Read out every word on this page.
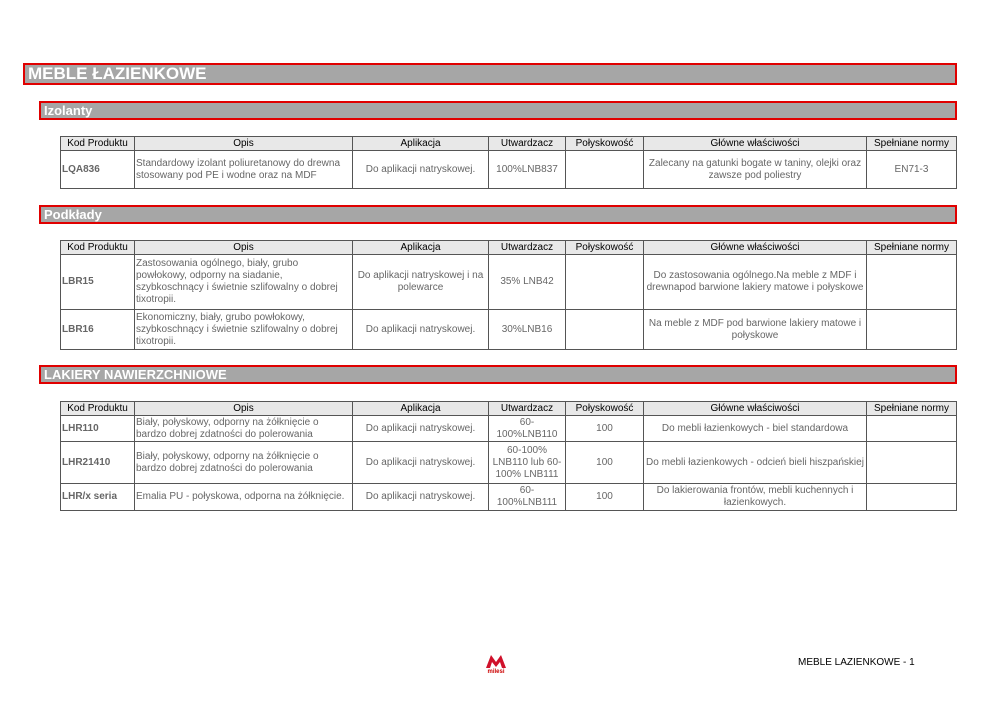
MEBLE ŁAZIENKOWE
Izolanty
Kod Produktu	Opis	Aplikacja	Utwardzacz	Połyskowość	Główne właściwości	Spełniane normy
LQA836	Standardowy izolant poliuretanowy do drewna stosowany pod PE i wodne oraz na MDF	Do aplikacji natryskowej.	100%LNB837		Zalecany na gatunki bogate w taniny, olejki oraz zawsze pod poliestry	EN71-3
Podkłady
Kod Produktu	Opis	Aplikacja	Utwardzacz	Połyskowość	Główne właściwości	Spełniane normy
LBR15	Zastosowania ogólnego, biały, grubo powłokowy, odporny na siadanie, szybkoschnący i świetnie szlifowalny o dobrej tixotropii.	Do aplikacji natryskowej i na polewarce	35% LNB42		Do zastosowania ogólnego.Na meble z MDF i drewnapod barwione lakiery matowe i połyskowe	
LBR16	Ekonomiczny, biały, grubo powłokowy, szybkoschnący i świetnie szlifowalny o dobrej tixotropii.	Do aplikacji natryskowej.	30%LNB16		Na meble z MDF pod barwione lakiery matowe i połyskowe	
LAKIERY NAWIERZCHNIOWE
Kod Produktu	Opis	Aplikacja	Utwardzacz	Połyskowość	Główne właściwości	Spełniane normy
LHR110	Biały, połyskowy, odporny na żółknięcie o bardzo dobrej zdatności do polerowania	Do aplikacji natryskowej.	60-100%LNB110	100	Do mebli łazienkowych - biel standardowa	
LHR21410	Biały, połyskowy, odporny na żółknięcie o bardzo dobrej zdatności do polerowania	Do aplikacji natryskowej.	60-100% LNB110 lub 60-100% LNB111	100	Do mebli łazienkowych - odcień bieli hiszpańskiej	
LHR/x seria	Emalia PU - połyskowa, odporna na żółknięcie.	Do aplikacji natryskowej.	60-100%LNB111	100	Do lakierowania frontów, mebli kuchennych i łazienkowych.	
milesi
MEBLE LAZIENKOWE - 1
